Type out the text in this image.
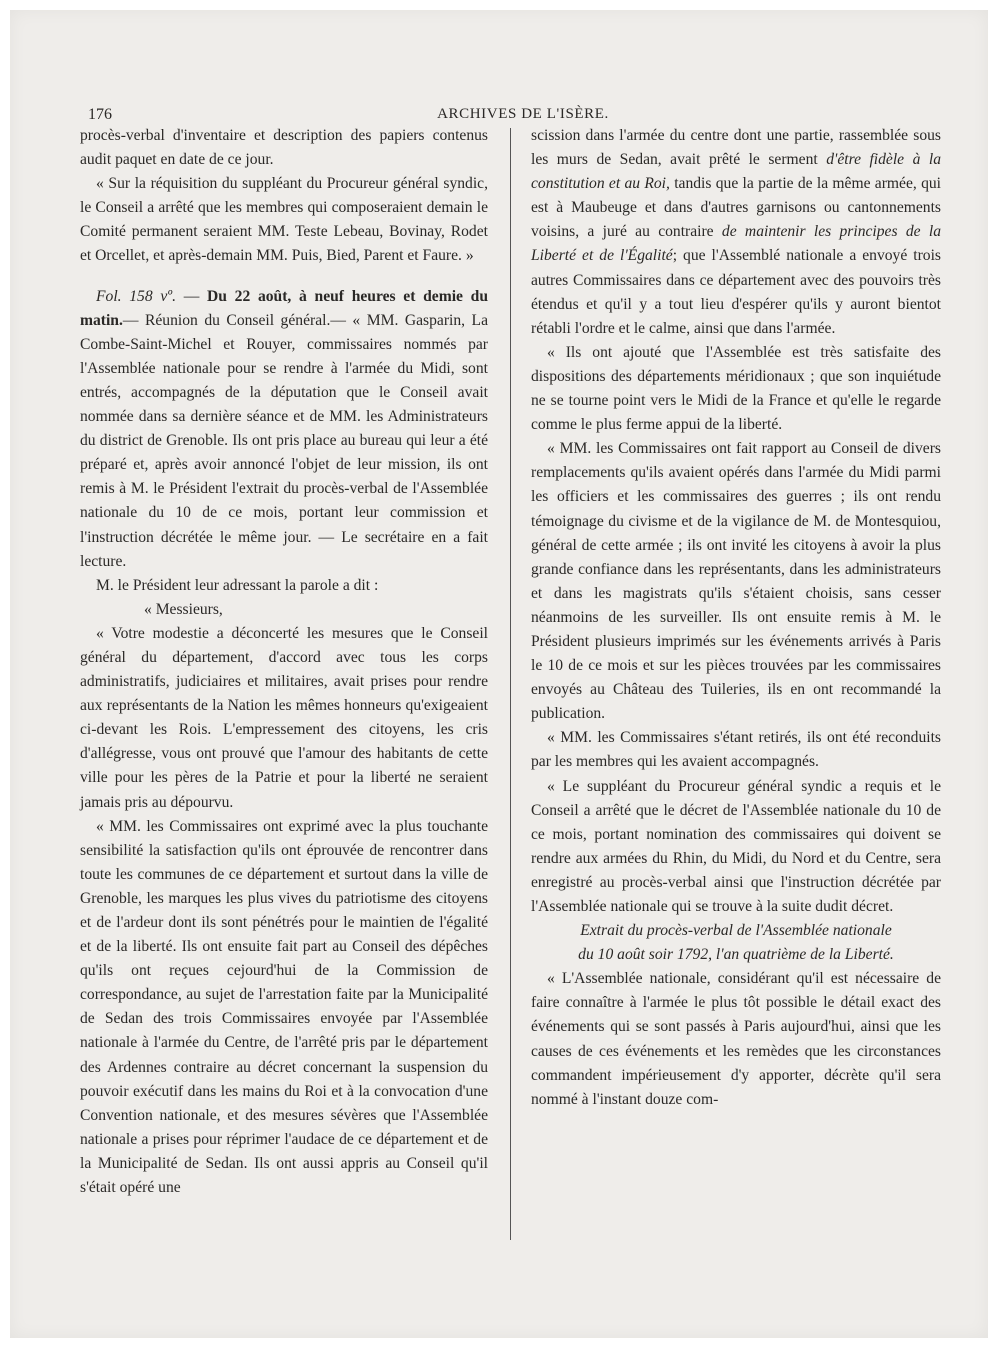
176	ARCHIVES DE L'ISÈRE.

procès-verbal d'inventaire et description des papiers contenus audit paquet en date de ce jour.

« Sur la réquisition du suppléant du Procureur général syndic, le Conseil a arrêté que les membres qui composeraient demain le Comité permanent seraient MM. Teste Lebeau, Bovinay, Rodet et Orcellet, et après-demain MM. Puis, Bied, Parent et Faure. »

Fol. 158 vº. — Du 22 août, à neuf heures et demie du matin.— Réunion du Conseil général.— « MM. Gasparin, La Combe-Saint-Michel et Rouyer, commissaires nommés par l'Assemblée nationale pour se rendre à l'armée du Midi, sont entrés, accompagnés de la députation que le Conseil avait nommée dans sa dernière séance et de MM. les Administrateurs du district de Grenoble. Ils ont pris place au bureau qui leur a été préparé et, après avoir annoncé l'objet de leur mission, ils ont remis à M. le Président l'extrait du procès-verbal de l'Assemblée nationale du 10 de ce mois, portant leur commission et l'instruction décrétée le même jour. — Le secrétaire en a fait lecture.

M. le Président leur adressant la parole a dit :

« Messieurs,

« Votre modestie a déconcerté les mesures que le Conseil général du département, d'accord avec tous les corps administratifs, judiciaires et militaires, avait prises pour rendre aux représentants de la Nation les mêmes honneurs qu'exigeaient ci-devant les Rois. L'empressement des citoyens, les cris d'allégresse, vous ont prouvé que l'amour des habitants de cette ville pour les pères de la Patrie et pour la liberté ne seraient jamais pris au dépourvu.

« MM. les Commissaires ont exprimé avec la plus touchante sensibilité la satisfaction qu'ils ont éprouvée de rencontrer dans toute les communes de ce département et surtout dans la ville de Grenoble, les marques les plus vives du patriotisme des citoyens et de l'ardeur dont ils sont pénétrés pour le maintien de l'égalité et de la liberté. Ils ont ensuite fait part au Conseil des dépêches qu'ils ont reçues cejourd'hui de la Commission de correspondance, au sujet de l'arrestation faite par la Municipalité de Sedan des trois Commissaires envoyée par l'Assemblée nationale à l'armée du Centre, de l'arrêté pris par le département des Ardennes contraire au décret concernant la suspension du pouvoir exécutif dans les mains du Roi et à la convocation d'une Convention nationale, et des mesures sévères que l'Assemblée nationale a prises pour réprimer l'audace de ce département et de la Municipalité de Sedan. Ils ont aussi appris au Conseil qu'il s'était opéré une

scission dans l'armée du centre dont une partie, rassemblée sous les murs de Sedan, avait prêté le serment d'être fidèle à la constitution et au Roi, tandis que la partie de la même armée, qui est à Maubeuge et dans d'autres garnisons ou cantonnements voisins, a juré au contraire de maintenir les principes de la Liberté et de l'Égalité; que l'Assemblé nationale a envoyé trois autres Commissaires dans ce département avec des pouvoirs très étendus et qu'il y a tout lieu d'espérer qu'ils y auront bientot rétabli l'ordre et le calme, ainsi que dans l'armée.

« Ils ont ajouté que l'Assemblée est très satisfaite des dispositions des départements méridionaux ; que son inquiétude ne se tourne point vers le Midi de la France et qu'elle le regarde comme le plus ferme appui de la liberté.

« MM. les Commissaires ont fait rapport au Conseil de divers remplacements qu'ils avaient opérés dans l'armée du Midi parmi les officiers et les commissaires des guerres ; ils ont rendu témoignage du civisme et de la vigilance de M. de Montesquiou, général de cette armée ; ils ont invité les citoyens à avoir la plus grande confiance dans les représentants, dans les administrateurs et dans les magistrats qu'ils s'étaient choisis, sans cesser néanmoins de les surveiller. Ils ont ensuite remis à M. le Président plusieurs imprimés sur les événements arrivés à Paris le 10 de ce mois et sur les pièces trouvées par les commissaires envoyés au Château des Tuileries, ils en ont recommandé la publication.

« MM. les Commissaires s'étant retirés, ils ont été reconduits par les membres qui les avaient accompagnés.

« Le suppléant du Procureur général syndic a requis et le Conseil a arrêté que le décret de l'Assemblée nationale du 10 de ce mois, portant nomination des commissaires qui doivent se rendre aux armées du Rhin, du Midi, du Nord et du Centre, sera enregistré au procès-verbal ainsi que l'instruction décrétée par l'Assemblée nationale qui se trouve à la suite dudit décret.

Extrait du procès-verbal de l'Assemblée nationale

du 10 août soir 1792, l'an quatrième de la Liberté.

« L'Assemblée nationale, considérant qu'il est nécessaire de faire connaître à l'armée le plus tôt possible le détail exact des événements qui se sont passés à Paris aujourd'hui, ainsi que les causes de ces événements et les remèdes que les circonstances commandent impérieusement d'y apporter, décrète qu'il sera nommé à l'instant douze com-
